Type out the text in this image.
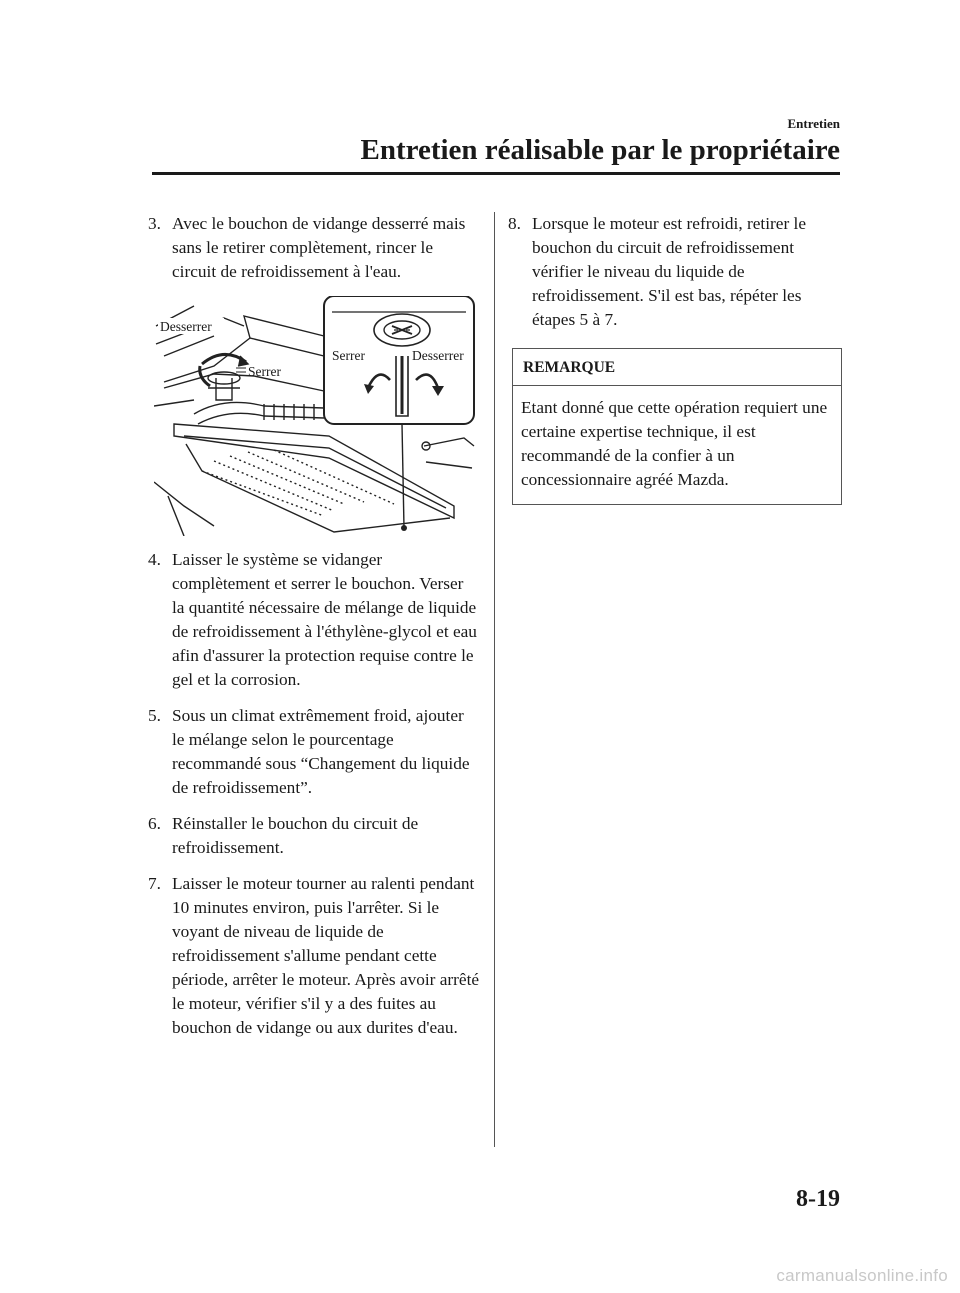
Entretien
Entretien réalisable par le propriétaire
3. Avec le bouchon de vidange desserré mais sans le retirer complètement, rincer le circuit de refroidissement à l'eau.
Desserrer
Serrer
Serrer	Desserrer
4. Laisser le système se vidanger complètement et serrer le bouchon. Verser la quantité nécessaire de mélange de liquide de refroidissement à l'éthylène-glycol et eau afin d'assurer la protection requise contre le gel et la corrosion.
5. Sous un climat extrêmement froid, ajouter le mélange selon le pourcentage recommandé sous “Changement du liquide de refroidissement”.
6. Réinstaller le bouchon du circuit de refroidissement.
7. Laisser le moteur tourner au ralenti pendant 10 minutes environ, puis l'arrêter. Si le voyant de niveau de liquide de refroidissement s'allume pendant cette période, arrêter le moteur. Après avoir arrêté le moteur, vérifier s'il y a des fuites au bouchon de vidange ou aux durites d'eau.
8. Lorsque le moteur est refroidi, retirer le bouchon du circuit de refroidissement vérifier le niveau du liquide de refroidissement. S'il est bas, répéter les étapes 5 à 7.
REMARQUE
Etant donné que cette opération requiert une certaine expertise technique, il est recommandé de la confier à un concessionnaire agréé Mazda.
8-19
carmanualsonline.info
